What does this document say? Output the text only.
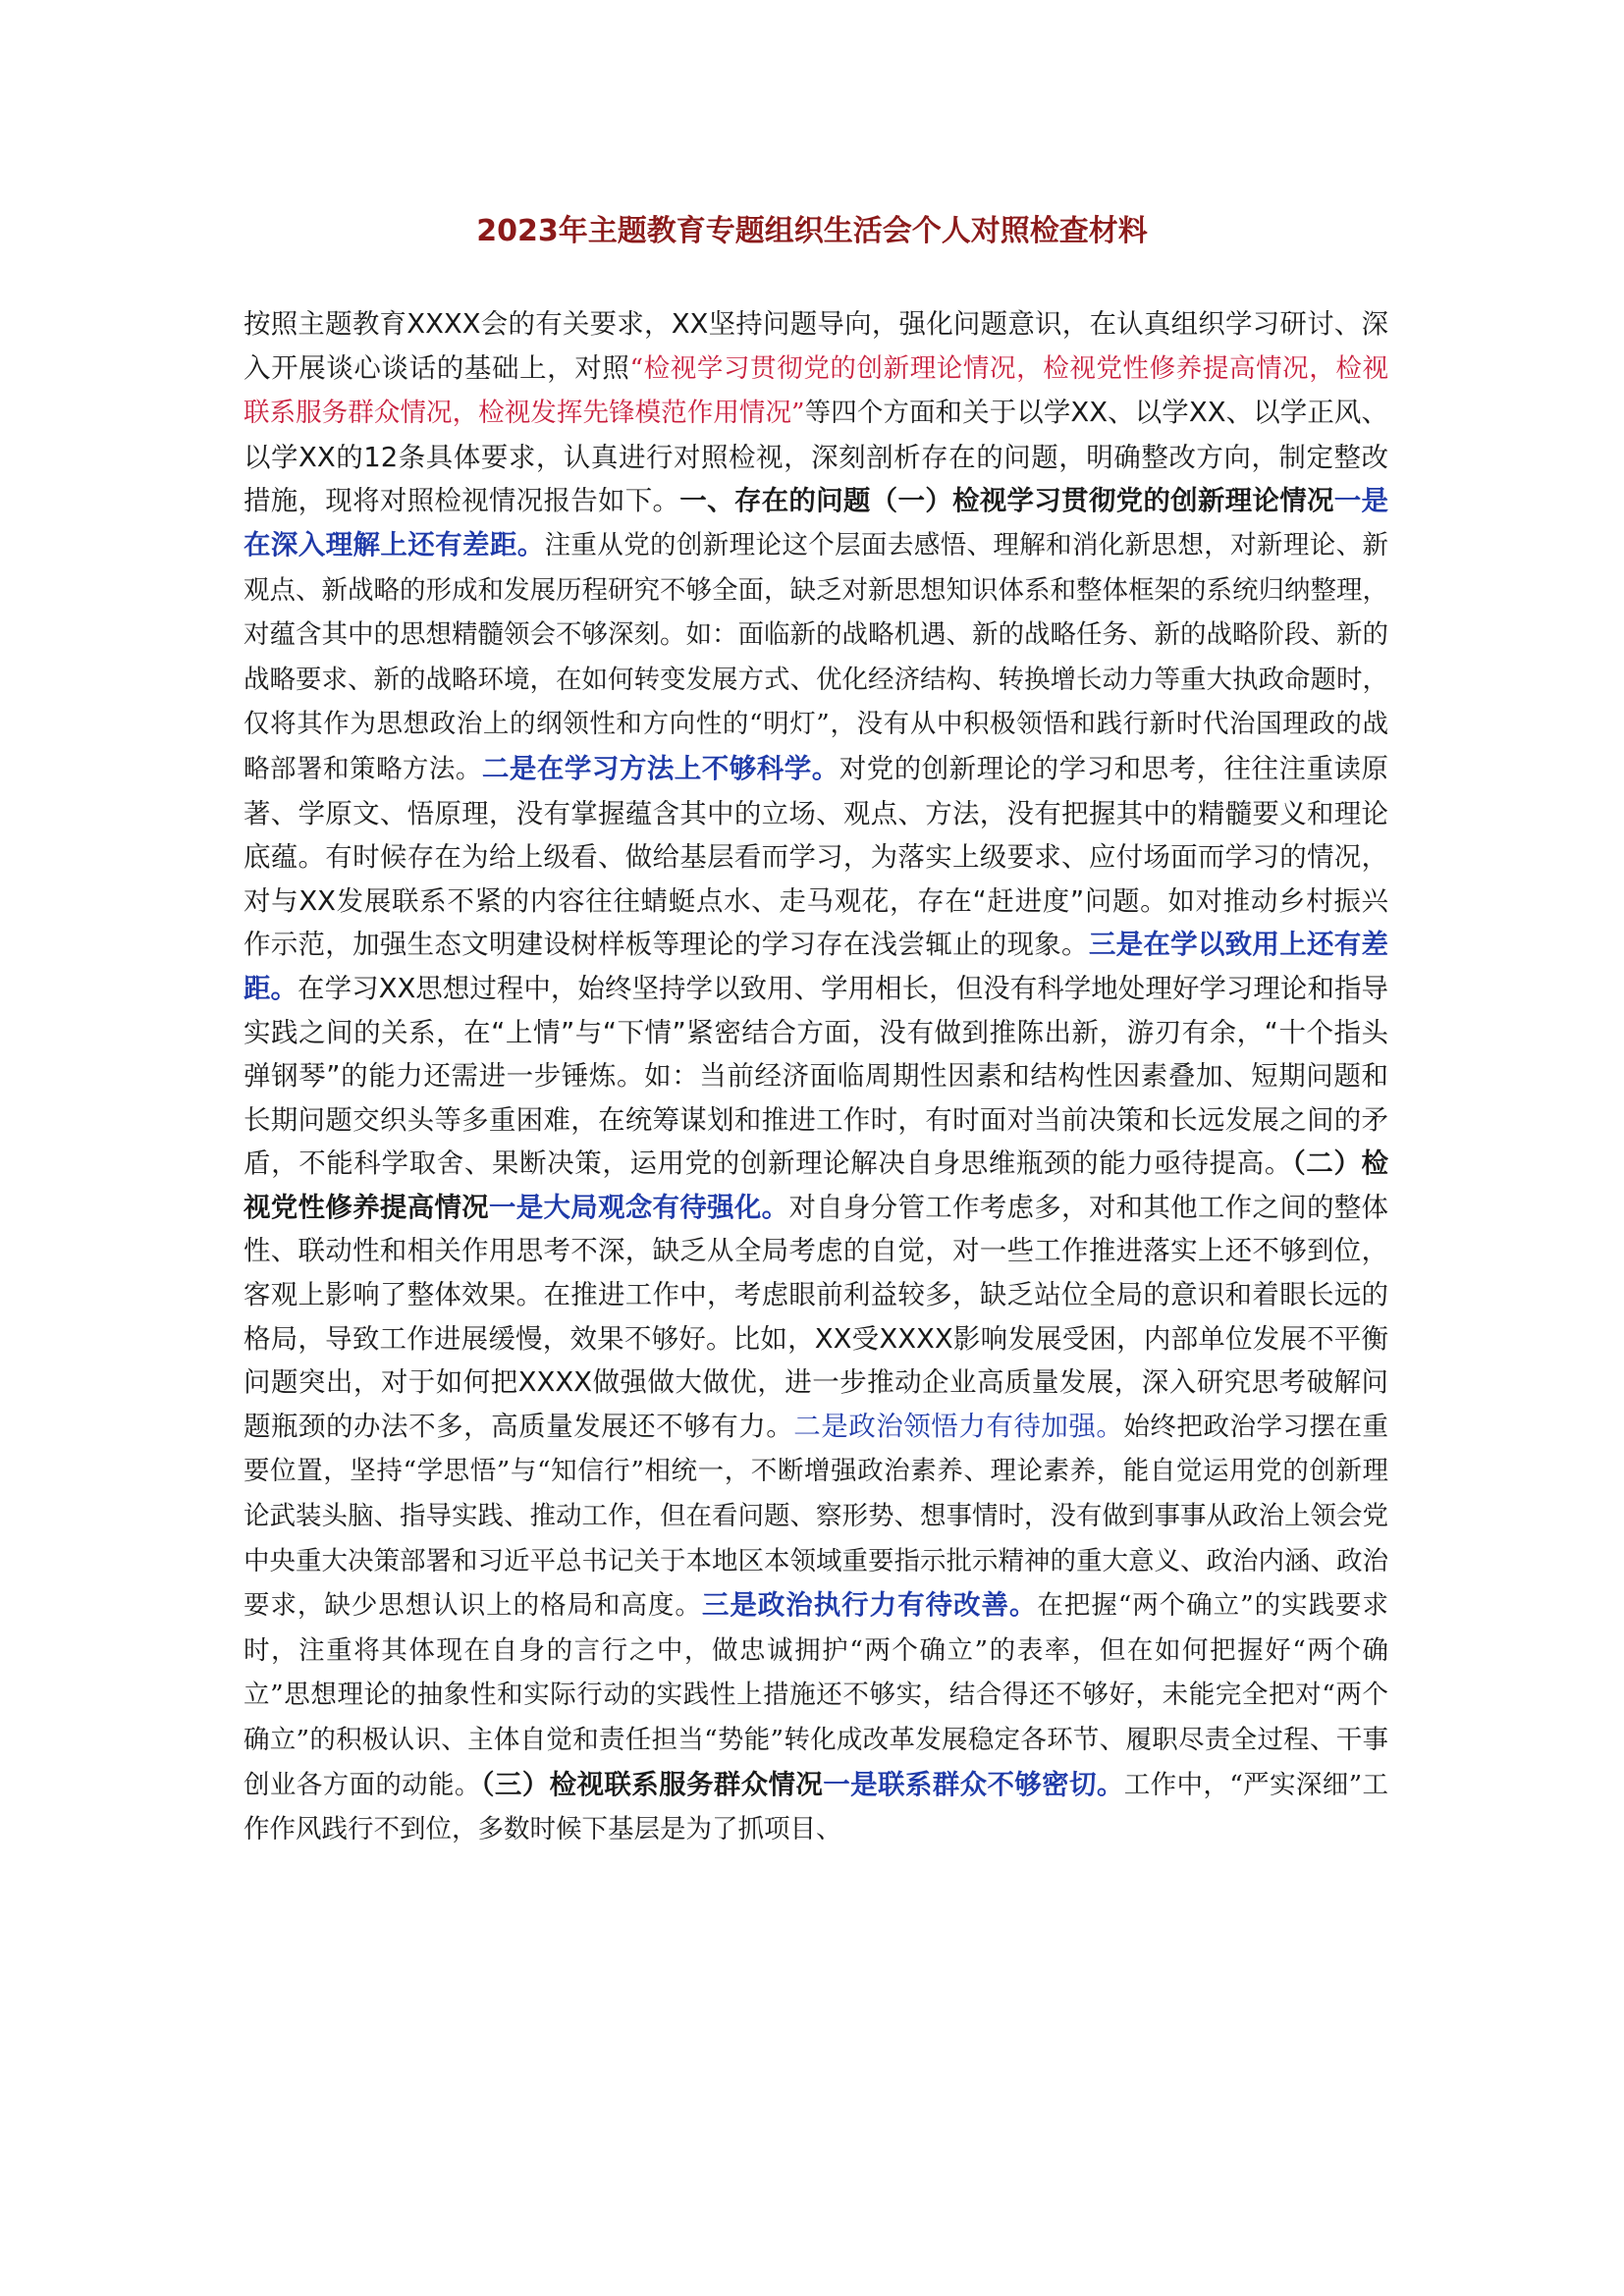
2023年主题教育专题组织生活会个人对照检查材料

按照主题教育XXXX会的有关要求，XX坚持问题导向，强化问题意识，在认真组织学习研讨、深入开展谈心谈话的基础上，对照“检视学习贯彻党的创新理论情况，检视党性修养提高情况，检视联系服务群众情况，检视发挥先锋模范作用情况”等四个方面和关于以学XX、以学XX、以学正风、以学XX的12条具体要求，认真进行对照检视，深刻剖析存在的问题，明确整改方向，制定整改措施，现将对照检视情况报告如下。一、存在的问题（一）检视学习贯彻党的创新理论情况一是在深入理解上还有差距。注重从党的创新理论这个层面去感悟、理解和消化新思想，对新理论、新观点、新战略的形成和发展历程研究不够全面，缺乏对新思想知识体系和整体框架的系统归纳整理，对蕴含其中的思想精髓领会不够深刻。如：面临新的战略机遇、新的战略任务、新的战略阶段、新的战略要求、新的战略环境，在如何转变发展方式、优化经济结构、转换增长动力等重大执政命题时，仅将其作为思想政治上的纲领性和方向性的“明灯”，没有从中积极领悟和践行新时代治国理政的战略部署和策略方法。二是在学习方法上不够科学。对党的创新理论的学习和思考，往往注重读原著、学原文、悟原理，没有掌握蕴含其中的立场、观点、方法，没有把握其中的精髓要义和理论底蕴。有时候存在为给上级看、做给基层看而学习，为落实上级要求、应付场面而学习的情况，对与XX发展联系不紧的内容往往蜻蜓点水、走马观花，存在“赶进度”问题。如对推动乡村振兴作示范，加强生态文明建设树样板等理论的学习存在浅尝辄止的现象。三是在学以致用上还有差距。在学习XX思想过程中，始终坚持学以致用、学用相长，但没有科学地处理好学习理论和指导实践之间的关系，在“上情”与“下情”紧密结合方面，没有做到推陈出新，游刃有余，“十个指头弹钢琴”的能力还需进一步锤炼。如：当前经济面临周期性因素和结构性因素叠加、短期问题和长期问题交织头等多重困难，在统筹谋划和推进工作时，有时面对当前决策和长远发展之间的矛盾，不能科学取舍、果断决策，运用党的创新理论解决自身思维瓶颈的能力亟待提高。（二）检视党性修养提高情况一是大局观念有待强化。对自身分管工作考虑多，对和其他工作之间的整体性、联动性和相关作用思考不深，缺乏从全局考虑的自觉，对一些工作推进落实上还不够到位，客观上影响了整体效果。在推进工作中，考虑眼前利益较多，缺乏站位全局的意识和着眼长远的格局，导致工作进展缓慢，效果不够好。比如，XX受XXXX影响发展受困，内部单位发展不平衡问题突出，对于如何把XXXX做强做大做优，进一步推动企业高质量发展，深入研究思考破解问题瓶颈的办法不多，高质量发展还不够有力。二是政治领悟力有待加强。始终把政治学习摆在重要位置，坚持“学思悟”与“知信行”相统一，不断增强政治素养、理论素养，能自觉运用党的创新理论武装头脑、指导实践、推动工作，但在看问题、察形势、想事情时，没有做到事事从政治上领会党中央重大决策部署和习近平总书记关于本地区本领域重要指示批示精神的重大意义、政治内涵、政治要求，缺少思想认识上的格局和高度。三是政治执行力有待改善。在把握“两个确立”的实践要求时，注重将其体现在自身的言行之中，做忠诚拥护“两个确立”的表率，但在如何把握好“两个确立”思想理论的抽象性和实际行动的实践性上措施还不够实，结合得还不够好，未能完全把对“两个确立”的积极认识、主体自觉和责任担当“势能”转化成改革发展稳定各环节、履职尽责全过程、干事创业各方面的动能。（三）检视联系服务群众情况一是联系群众不够密切。工作中，“严实深细”工作作风践行不到位，多数时候下基层是为了抓项目、
